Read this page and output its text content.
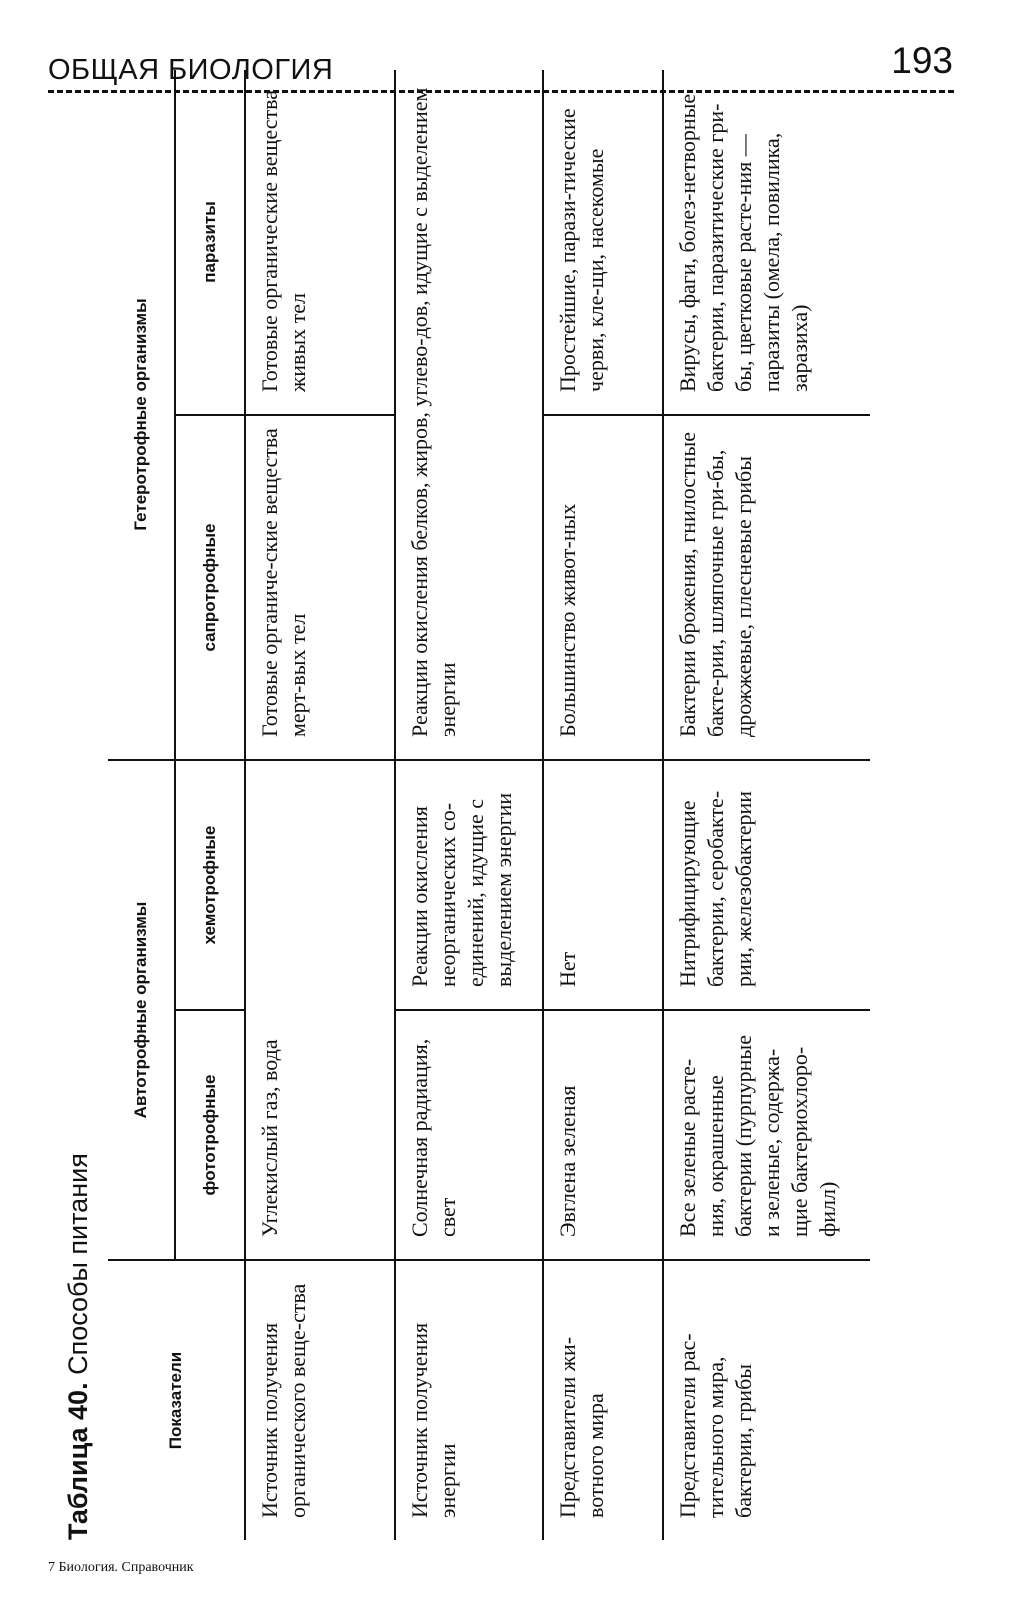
ОБЩАЯ БИОЛОГИЯ	193
Таблица 40. Способы питания
Показатели	Автотрофные организмы		Гетеротрофные организмы	
	фототрофные	хемотрофные	сапротрофные	паразиты
Источник получения органического веще-ства	Углекислый газ, вода		Готовые органиче-ские вещества мерт-вых тел	Готовые органические вещества живых тел
Источник получения энергии	Солнечная радиация, свет	Реакции окисления неорганических со-единений, идущие с выделением энергии	Реакции окисления белков, жиров, углево-дов, идущие с выделением энергии	
Представители жи-вотного мира	Эвглена зеленая	Нет	Большинство живот-ных	Простейшие, парази-тические черви, кле-щи, насекомые
Представители рас-тительного мира, бактерии, грибы	Все зеленые расте-ния, окрашенные бактерии (пурпурные и зеленые, содержа-щие бактериохлоро-филл)	Нитрифицирующие бактерии, серобакте-рии, железобактерии	Бактерии брожения, гнилостные бакте-рии, шляпочные гри-бы, дрожжевые, плесневые грибы	Вирусы, фаги, болез-нетворные бактерии, паразитические гри-бы, цветковые расте-ния — паразиты (омела, повилика, заразиха)
7 Биология. Справочник
